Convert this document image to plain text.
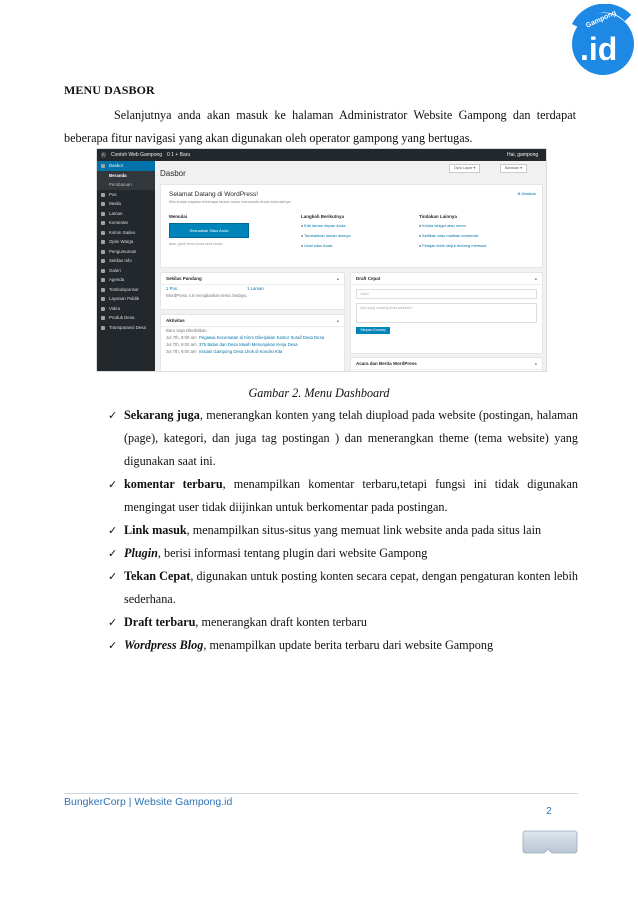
Gampong
.id
MENU DASBOR
Selanjutnya anda akan masuk ke halaman Administrator Website Gampong dan terdapat beberapa fitur navigasi yang akan digunakan oleh operator gampong yang bertugas.
Ⓦ Contoh Web Gampong 0 1 + Baru	Hai, gampong
Dasbor
Beranda
Pembaruan
Pos
Media
Laman
Komentar
Kolom Sadeo
Opini Warga
Pengumuman
Sekilas Info
Galeri
Agenda
Tombolsponsor
Layanan Publik
Video
Produk Desa
Transparansi Desa
Opsi Layar ▾	Bantuan ▾
Dasbor
Selamat Datang di WordPress!
Kita sudah siapkan beberapa tautan untuk membantu Anda memulainya:
⊗ Abaikan
Memulai
Sesuaikan Situs Anda
atau, ganti tema Anda seluruhnya
Langkah Berikutnya
■ Edit laman depan Anda
■ Tambahkan laman lainnya
■ Lihat situs Anda
Tindakan Lainnya
■ Kelola widget atau menu
■ Aktifkan atau matikan komentar
■ Pelajari lebih lanjut tentang memulai
Sekilas Pandang	▴
1 Pos	1 Laman
WordPress 4.9 menjalankan tema Sedayu.
Aktivitas	▴
Baru Saja Diterbitkan
Jul 7th, 9:00 am Pegawai Kecamatan di Kirim Dikerjakan Kantor Suraif Desa Desa
Jul 7th, 9:00 am 375 Bidan dan Desa Masih Menunjukan Kerja Desa
Jul 7th, 9:00 am Inisiasi Gampong Desa Lhok di Kondisi Kita
Draft Cepat	▴
Judul
Apa yang sedang Anda pikirkan?
Simpan Konsep
Acara dan Berita WordPress	▴
Gambar 2. Menu Dashboard
✓ Sekarang juga, menerangkan konten yang telah diupload pada website (postingan, halaman (page), kategori, dan juga tag postingan ) dan menerangkan theme (tema website) yang digunakan saat ini.
✓ komentar terbaru, menampilkan komentar terbaru,tetapi fungsi ini tidak digunakan mengingat user tidak diijinkan untuk berkomentar pada postingan.
✓ Link masuk, menampilkan situs-situs yang memuat link website anda pada situs lain
✓ Plugin, berisi informasi tentang plugin dari website Gampong
✓ Tekan Cepat, digunakan untuk posting konten secara cepat, dengan pengaturan konten lebih sederhana.
✓ Draft terbaru, menerangkan draft konten terbaru
✓ Wordpress Blog, menampilkan update berita terbaru dari website Gampong
BungkerCorp | Website Gampong.id
2
